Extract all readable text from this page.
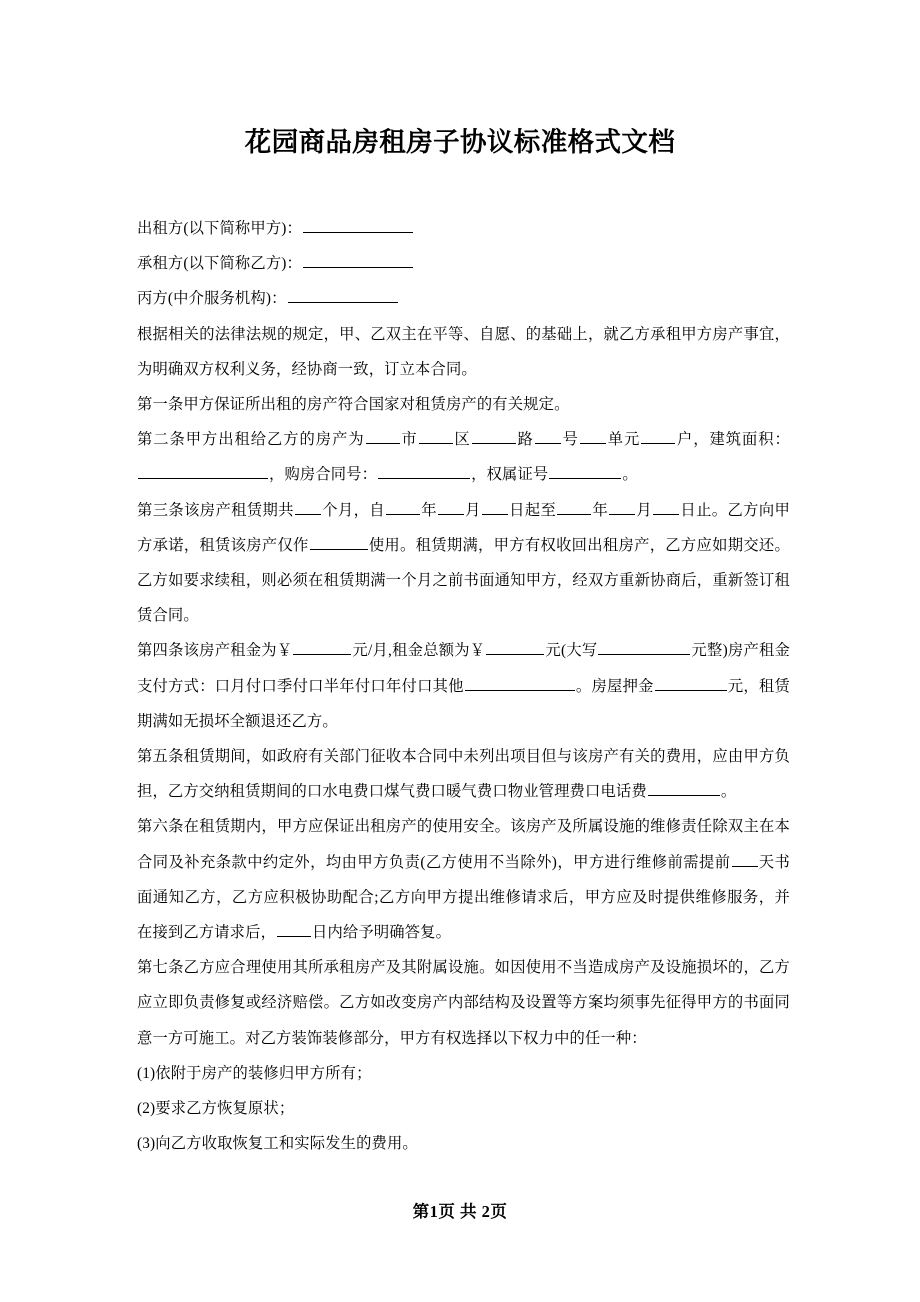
花园商品房租房子协议标准格式文档

出租方(以下简称甲方)：

承租方(以下简称乙方)：

丙方(中介服务机构)：

根据相关的法律法规的规定，甲、乙双主在平等、自愿、的基础上，就乙方承租甲方房产事宜，为明确双方权利义务，经协商一致，订立本合同。

第一条甲方保证所出租的房产符合国家对租赁房产的有关规定。

第二条甲方出租给乙方的房产为 市 区	路 号 单元 户，建筑面积：，购房合同号：	，权属证号	。

第三条该房产租赁期共 个月，自 年 月 日起至 年 月 日止。乙方向甲方承诺，租赁该房产仅作	使用。租赁期满，甲方有权收回出租房产，乙方应如期交还。乙方如要求续租，则必须在租赁期满一个月之前书面通知甲方，经双方重新协商后，重新签订租赁合同。

第四条该房产租金为￥	元/月,租金总额为￥	元(大写	元整)房产租金支付方式：口月付口季付口半年付口年付口其他	。房屋押金	元，租赁期满如无损坏全额退还乙方。

第五条租赁期间，如政府有关部门征收本合同中未列出项目但与该房产有关的费用，应由甲方负担，乙方交纳租赁期间的口水电费口煤气费口暖气费口物业管理费口电话费	。

第六条在租赁期内，甲方应保证出租房产的使用安全。该房产及所属设施的维修责任除双主在本合同及补充条款中约定外，均由甲方负责(乙方使用不当除外)，甲方进行维修前需提前 天书面通知乙方，乙方应积极协助配合;乙方向甲方提出维修请求后，甲方应及时提供维修服务，并在接到乙方请求后， 日内给予明确答复。

第七条乙方应合理使用其所承租房产及其附属设施。如因使用不当造成房产及设施损坏的，乙方应立即负责修复或经济赔偿。乙方如改变房产内部结构及设置等方案均须事先征得甲方的书面同意一方可施工。对乙方装饰装修部分，甲方有权选择以下权力中的任一种：

(1)依附于房产的装修归甲方所有；

(2)要求乙方恢复原状；

(3)向乙方收取恢复工和实际发生的费用。

第1页 共 2页
